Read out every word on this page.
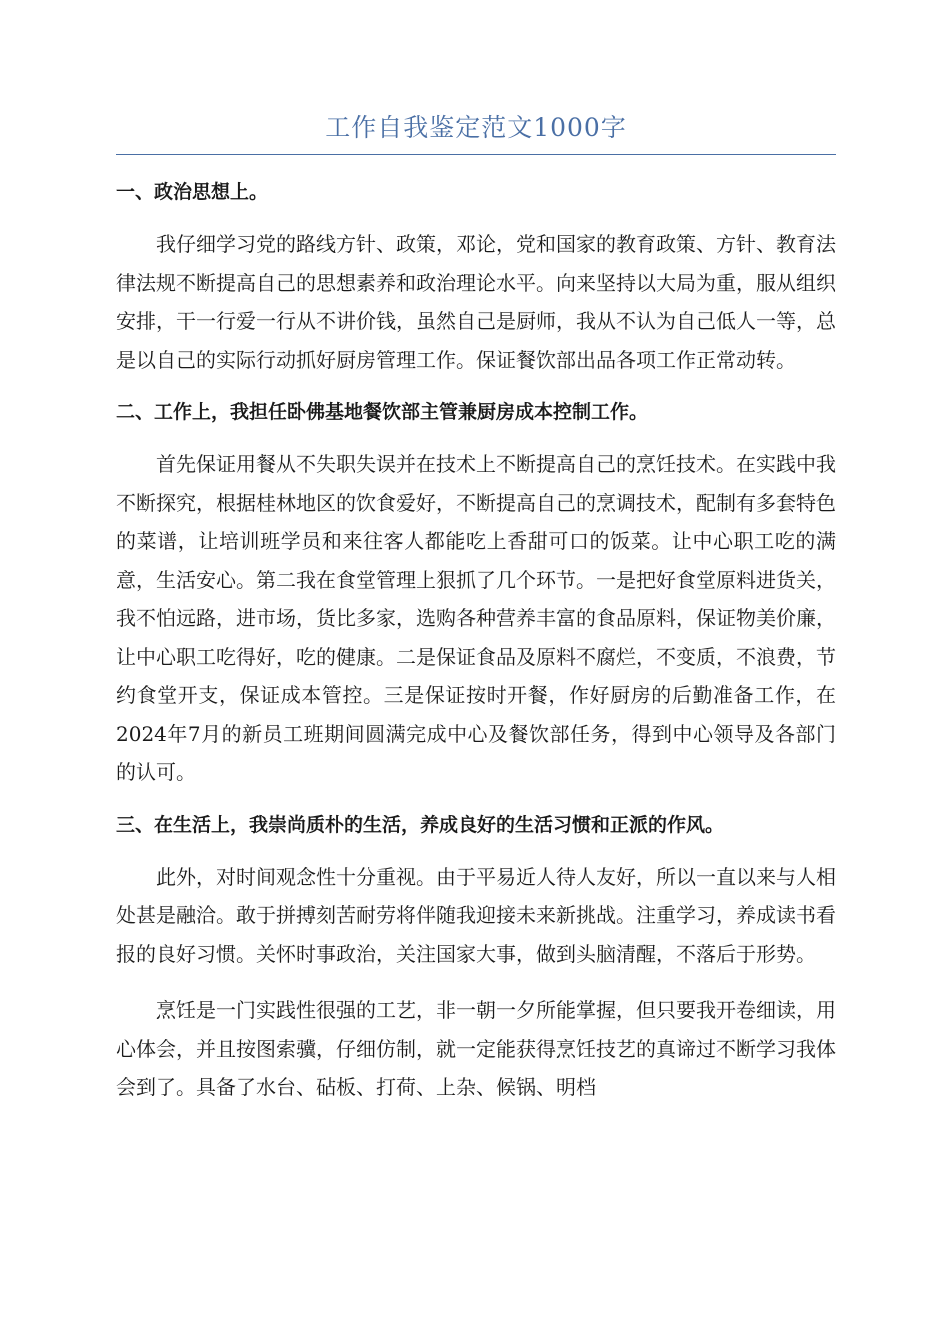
工作自我鉴定范文1000字
一、政治思想上。

我仔细学习党的路线方针、政策，邓论，党和国家的教育政策、方针、教育法律法规不断提高自己的思想素养和政治理论水平。向来坚持以大局为重，服从组织安排，干一行爱一行从不讲价钱，虽然自己是厨师，我从不认为自己低人一等，总是以自己的实际行动抓好厨房管理工作。保证餐饮部出品各项工作正常动转。

二、工作上，我担任卧佛基地餐饮部主管兼厨房成本控制工作。

首先保证用餐从不失职失误并在技术上不断提高自己的烹饪技术。在实践中我不断探究，根据桂林地区的饮食爱好，不断提高自己的烹调技术，配制有多套特色的菜谱，让培训班学员和来往客人都能吃上香甜可口的饭菜。让中心职工吃的满意，生活安心。第二我在食堂管理上狠抓了几个环节。一是把好食堂原料进货关，我不怕远路，进市场，货比多家，选购各种营养丰富的食品原料，保证物美价廉，让中心职工吃得好，吃的健康。二是保证食品及原料不腐烂，不变质，不浪费，节约食堂开支，保证成本管控。三是保证按时开餐，作好厨房的后勤准备工作，在2024年7月的新员工班期间圆满完成中心及餐饮部任务，得到中心领导及各部门的认可。

三、在生活上，我崇尚质朴的生活，养成良好的生活习惯和正派的作风。

此外，对时间观念性十分重视。由于平易近人待人友好，所以一直以来与人相处甚是融洽。敢于拼搏刻苦耐劳将伴随我迎接未来新挑战。注重学习，养成读书看报的良好习惯。关怀时事政治，关注国家大事，做到头脑清醒，不落后于形势。

烹饪是一门实践性很强的工艺，非一朝一夕所能掌握，但只要我开卷细读，用心体会，并且按图索骥，仔细仿制，就一定能获得烹饪技艺的真谛过不断学习我体会到了。具备了水台、砧板、打荷、上杂、候锅、明档
